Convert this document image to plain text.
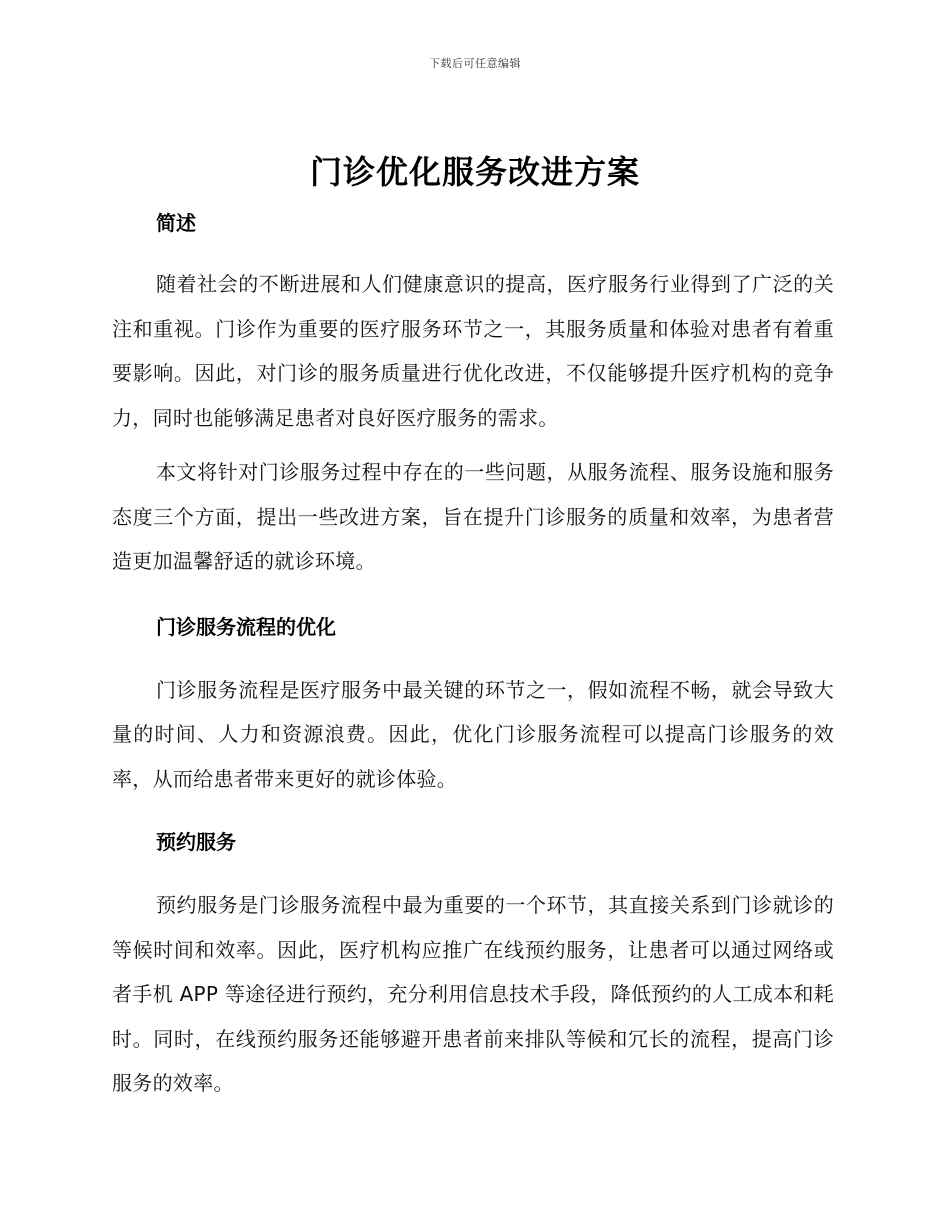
下载后可任意编辑
门诊优化服务改进方案
简述

随着社会的不断进展和人们健康意识的提高，医疗服务行业得到了广泛的关注和重视。门诊作为重要的医疗服务环节之一，其服务质量和体验对患者有着重要影响。因此，对门诊的服务质量进行优化改进，不仅能够提升医疗机构的竞争力，同时也能够满足患者对良好医疗服务的需求。

本文将针对门诊服务过程中存在的一些问题，从服务流程、服务设施和服务态度三个方面，提出一些改进方案，旨在提升门诊服务的质量和效率，为患者营造更加温馨舒适的就诊环境。

门诊服务流程的优化

门诊服务流程是医疗服务中最关键的环节之一，假如流程不畅，就会导致大量的时间、人力和资源浪费。因此，优化门诊服务流程可以提高门诊服务的效率，从而给患者带来更好的就诊体验。

预约服务

预约服务是门诊服务流程中最为重要的一个环节，其直接关系到门诊就诊的等候时间和效率。因此，医疗机构应推广在线预约服务，让患者可以通过网络或者手机 APP 等途径进行预约，充分利用信息技术手段，降低预约的人工成本和耗时。同时，在线预约服务还能够避开患者前来排队等候和冗长的流程，提高门诊服务的效率。
